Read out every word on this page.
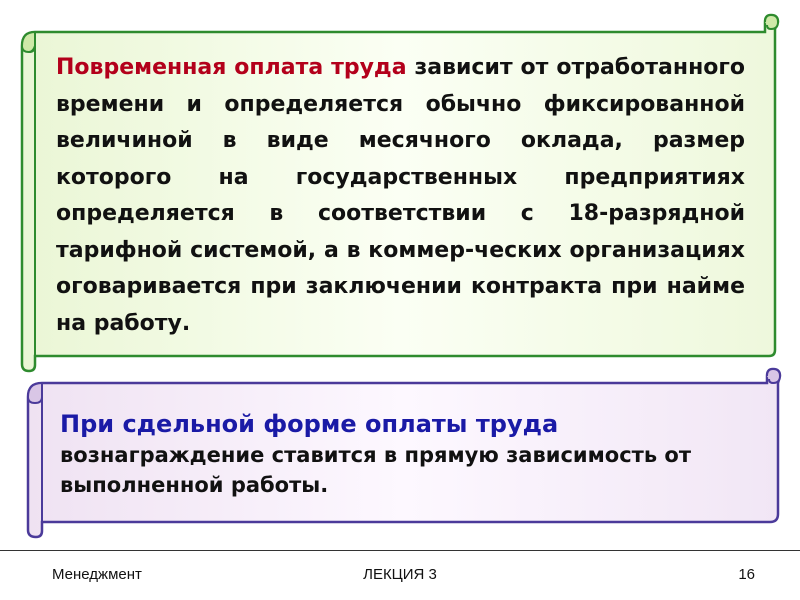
Повременная оплата труда зависит от отработанного времени и определяется обычно фиксированной величиной в виде месячного оклада, размер которого на государственных предприятиях определяется в соответствии с 18-разрядной тарифной системой, а в коммер-ческих организациях оговаривается при заключении контракта при найме на работу.
При сдельной форме оплаты труда
вознаграждение ставится в прямую зависимость от выполненной работы.
Менеджмент	ЛЕКЦИЯ 3	16
